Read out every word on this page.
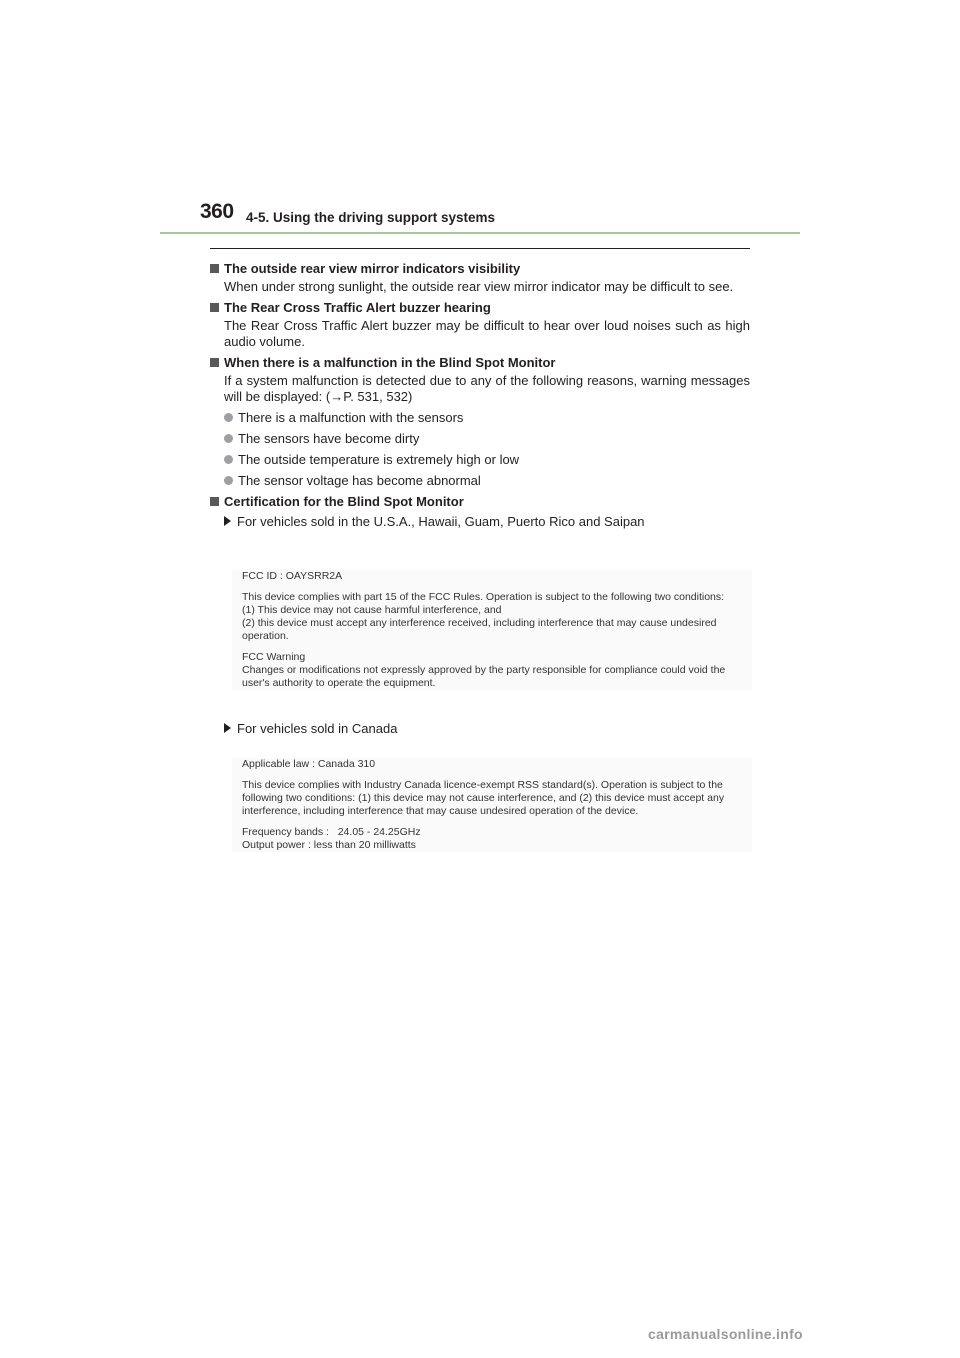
360 4-5. Using the driving support systems
The outside rear view mirror indicators visibility
When under strong sunlight, the outside rear view mirror indicator may be difficult to see.
The Rear Cross Traffic Alert buzzer hearing
The Rear Cross Traffic Alert buzzer may be difficult to hear over loud noises such as high audio volume.
When there is a malfunction in the Blind Spot Monitor
If a system malfunction is detected due to any of the following reasons, warning messages will be displayed: (→P. 531, 532)
There is a malfunction with the sensors
The sensors have become dirty
The outside temperature is extremely high or low
The sensor voltage has become abnormal
Certification for the Blind Spot Monitor
For vehicles sold in the U.S.A., Hawaii, Guam, Puerto Rico and Saipan

FCC ID : OAYSRR2A

This device complies with part 15 of the FCC Rules. Operation is subject to the following two conditions:

(1) This device may not cause harmful interference, and

(2) this device must accept any interference received, including interference that may cause undesired operation.

FCC Warning

Changes or modifications not expressly approved by the party responsible for compliance could void the user's authority to operate the equipment.

For vehicles sold in Canada

Applicable law : Canada 310

This device complies with Industry Canada licence-exempt RSS standard(s). Operation is subject to the following two conditions: (1) this device may not cause interference, and (2) this device must accept any interference, including interference that may cause undesired operation of the device.

Frequency bands :   24.05 - 24.25GHz

Output power : less than 20 milliwatts

carmanualsonline.info
